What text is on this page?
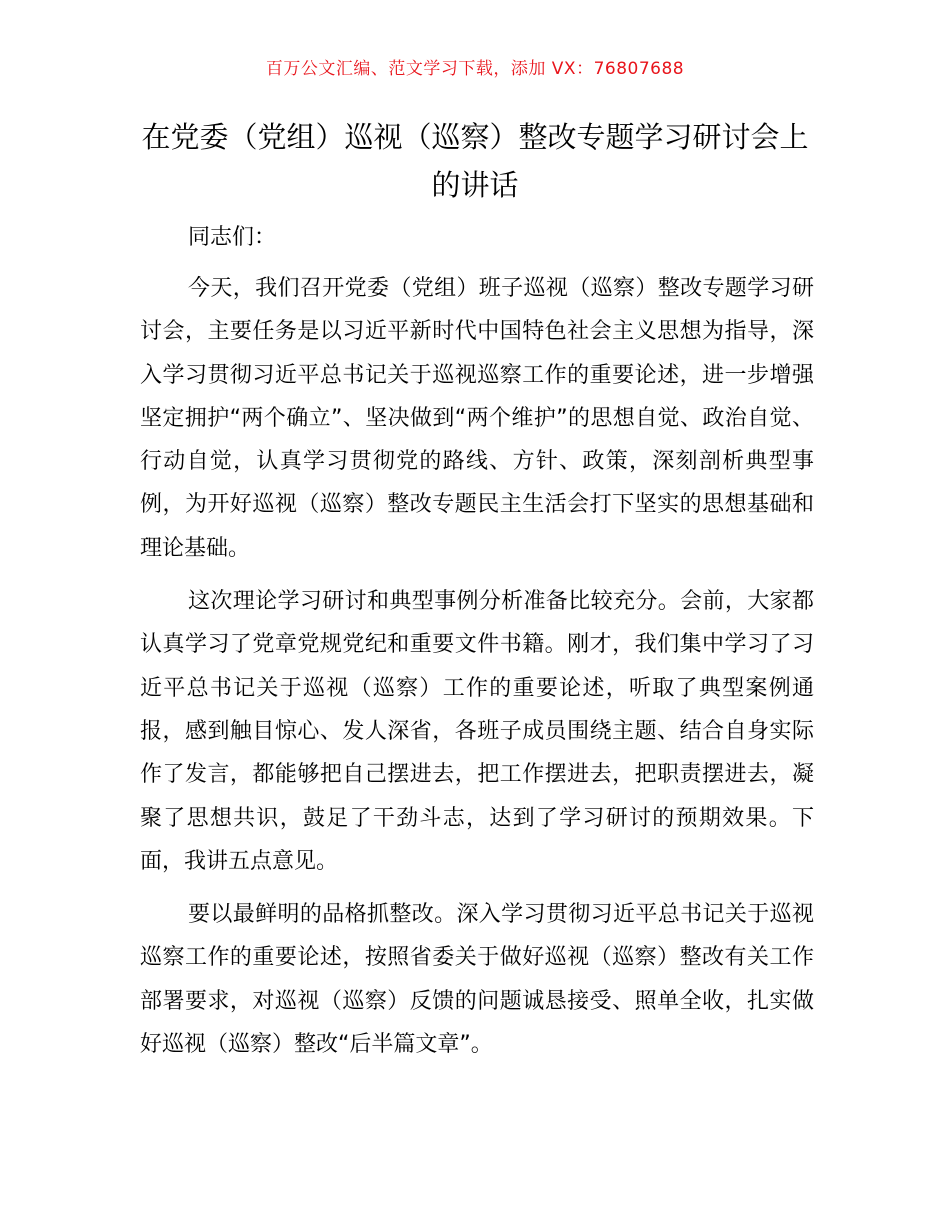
百万公文汇编、范文学习下载，添加 VX：76807688
在党委（党组）巡视（巡察）整改专题学习研讨会上的讲话

同志们：

今天，我们召开党委（党组）班子巡视（巡察）整改专题学习研讨会，主要任务是以习近平新时代中国特色社会主义思想为指导，深入学习贯彻习近平总书记关于巡视巡察工作的重要论述，进一步增强坚定拥护“两个确立”、坚决做到“两个维护”的思想自觉、政治自觉、行动自觉，认真学习贯彻党的路线、方针、政策，深刻剖析典型事例，为开好巡视（巡察）整改专题民主生活会打下坚实的思想基础和理论基础。

这次理论学习研讨和典型事例分析准备比较充分。会前，大家都认真学习了党章党规党纪和重要文件书籍。刚才，我们集中学习了习近平总书记关于巡视（巡察）工作的重要论述，听取了典型案例通报，感到触目惊心、发人深省，各班子成员围绕主题、结合自身实际作了发言，都能够把自己摆进去，把工作摆进去，把职责摆进去，凝聚了思想共识，鼓足了干劲斗志，达到了学习研讨的预期效果。下面，我讲五点意见。

要以最鲜明的品格抓整改。深入学习贯彻习近平总书记关于巡视巡察工作的重要论述，按照省委关于做好巡视（巡察）整改有关工作部署要求，对巡视（巡察）反馈的问题诚恳接受、照单全收，扎实做好巡视（巡察）整改“后半篇文章”。
